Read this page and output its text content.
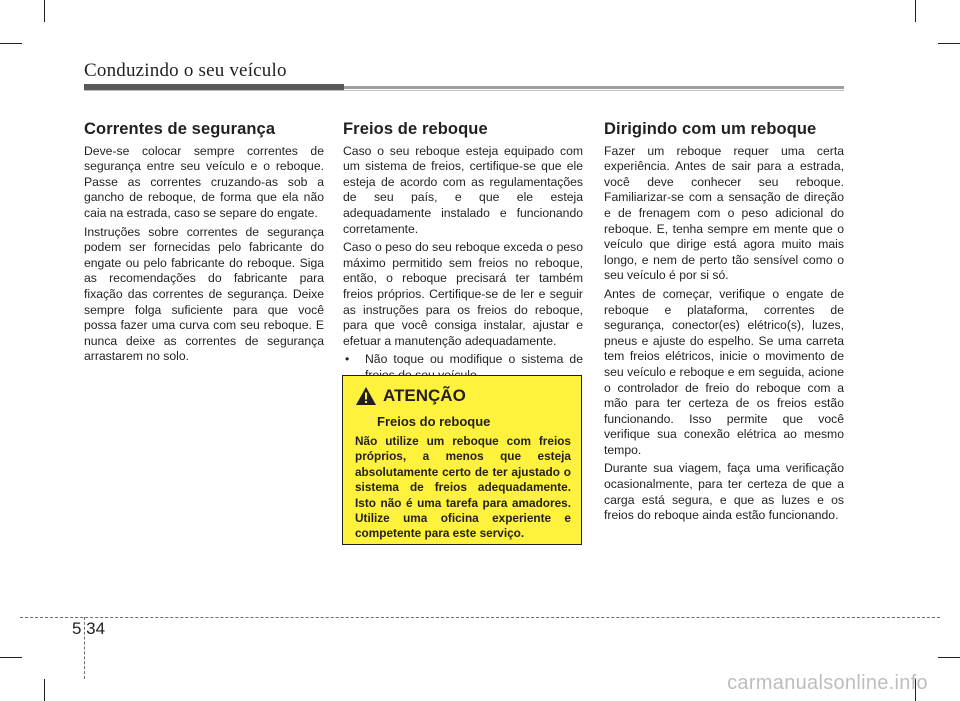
Conduzindo o seu veículo
Correntes de segurança

Deve-se colocar sempre correntes de segurança entre seu veículo e o reboque. Passe as correntes cruzando-as sob a gancho de reboque, de forma que ela não caia na estrada, caso se separe do engate.

Instruções sobre correntes de segurança podem ser fornecidas pelo fabricante do engate ou pelo fabricante do reboque. Siga as recomendações do fabricante para fixação das correntes de segurança. Deixe sempre folga suficiente para que você possa fazer uma curva com seu reboque. E nunca deixe as correntes de segurança arrastarem no solo.

Freios de reboque

Caso o seu reboque esteja equipado com um sistema de freios, certifique-se que ele esteja de acordo com as regulamentações de seu país, e que ele esteja adequadamente instalado e funcionando corretamente.

Caso o peso do seu reboque exceda o peso máximo permitido sem freios no reboque, então, o reboque precisará ter também freios próprios. Certifique-se de ler e seguir as instruções para os freios do reboque, para que você consiga instalar, ajustar e efetuar a manutenção adequadamente.

• Não toque ou modifique o sistema de
ATENÇÃO
Freios do reboque
Não utilize um reboque com freios próprios, a menos que esteja absolutamente certo de ter ajustado o sistema de freios adequadamente. Isto não é uma tarefa para amadores. Utilize uma oficina experiente e competente para este serviço.
Dirigindo com um reboque

Fazer um reboque requer uma certa experiência. Antes de sair para a estrada, você deve conhecer seu reboque. Familiarizar-se com a sensação de direção e de frenagem com o peso adicional do reboque. E, tenha sempre em mente que o veículo que dirige está agora muito mais longo, e nem de perto tão sensível como o seu veículo é por si só.

Antes de começar, verifique o engate de reboque e plataforma, correntes de segurança, conector(es) elétrico(s), luzes, pneus e ajuste do espelho. Se uma carreta tem freios elétricos, inicie o movimento de seu veículo e reboque e em seguida, acione o controlador de freio do reboque com a mão para ter certeza de os freios estão funcionando. Isso permite que você verifique sua conexão elétrica ao mesmo tempo.

Durante sua viagem, faça uma verificação ocasionalmente, para ter certeza de que a carga está segura, e que as luzes e os freios do reboque ainda estão funcionando.

5 34
carmanualsonline.info
